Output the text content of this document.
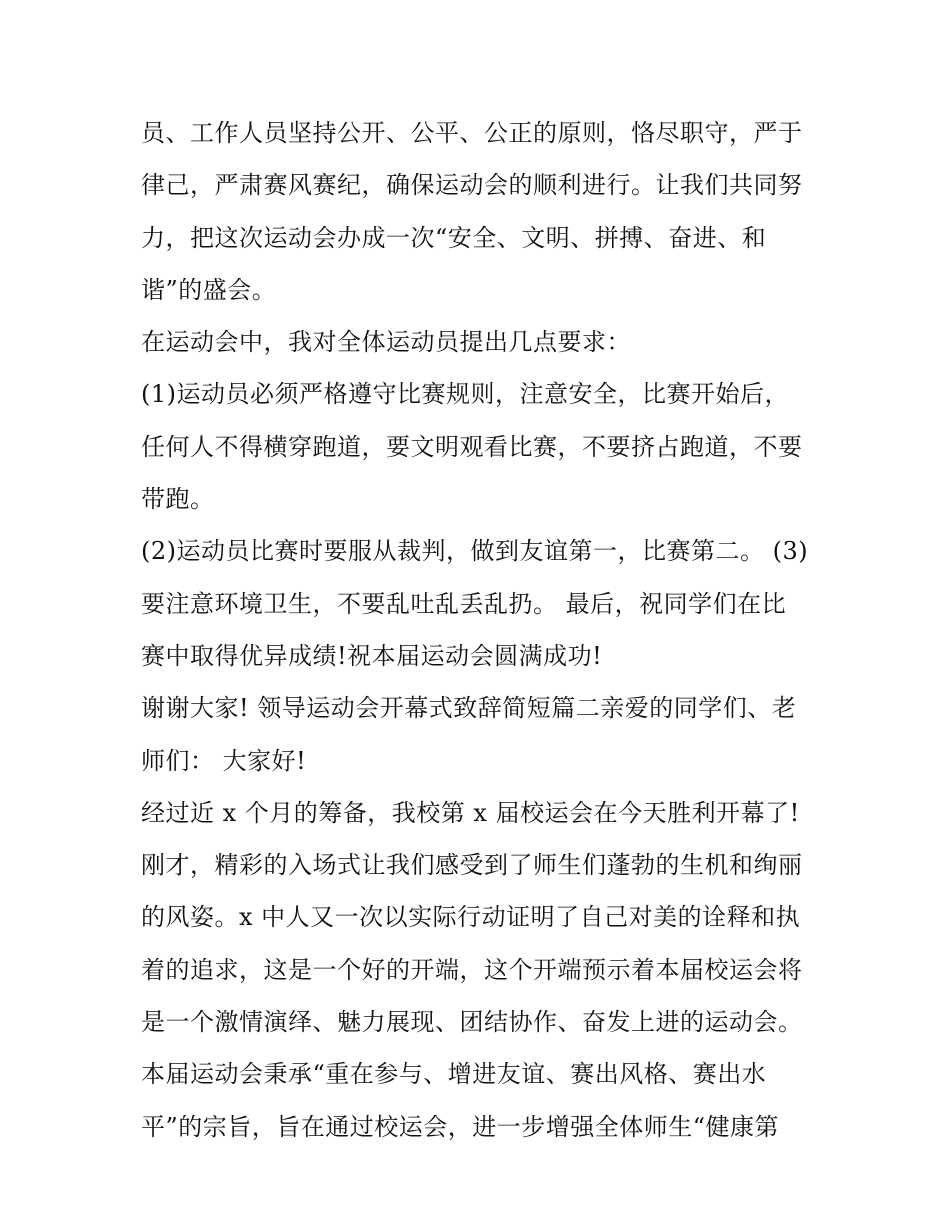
员、工作人员坚持公开、公平、公正的原则，恪尽职守，严于
律己，严肃赛风赛纪，确保运动会的顺利进行。让我们共同努
力，把这次运动会办成一次“安全、文明、拼搏、奋进、和
谐”的盛会。
在运动会中，我对全体运动员提出几点要求：
(1)运动员必须严格遵守比赛规则，注意安全，比赛开始后，
任何人不得横穿跑道，要文明观看比赛，不要挤占跑道，不要
带跑。
(2)运动员比赛时要服从裁判，做到友谊第一，比赛第二。 (3)
要注意环境卫生，不要乱吐乱丢乱扔。 最后，祝同学们在比
赛中取得优异成绩!祝本届运动会圆满成功!
谢谢大家! 领导运动会开幕式致辞简短篇二亲爱的同学们、老
师们： 大家好!
经过近 x 个月的筹备，我校第 x 届校运会在今天胜利开幕了!
刚才，精彩的入场式让我们感受到了师生们蓬勃的生机和绚丽
的风姿。x 中人又一次以实际行动证明了自己对美的诠释和执
着的追求，这是一个好的开端，这个开端预示着本届校运会将
是一个激情演绎、魅力展现、团结协作、奋发上进的运动会。
本届运动会秉承“重在参与、增进友谊、赛出风格、赛出水
平”的宗旨，旨在通过校运会，进一步增强全体师生“健康第
